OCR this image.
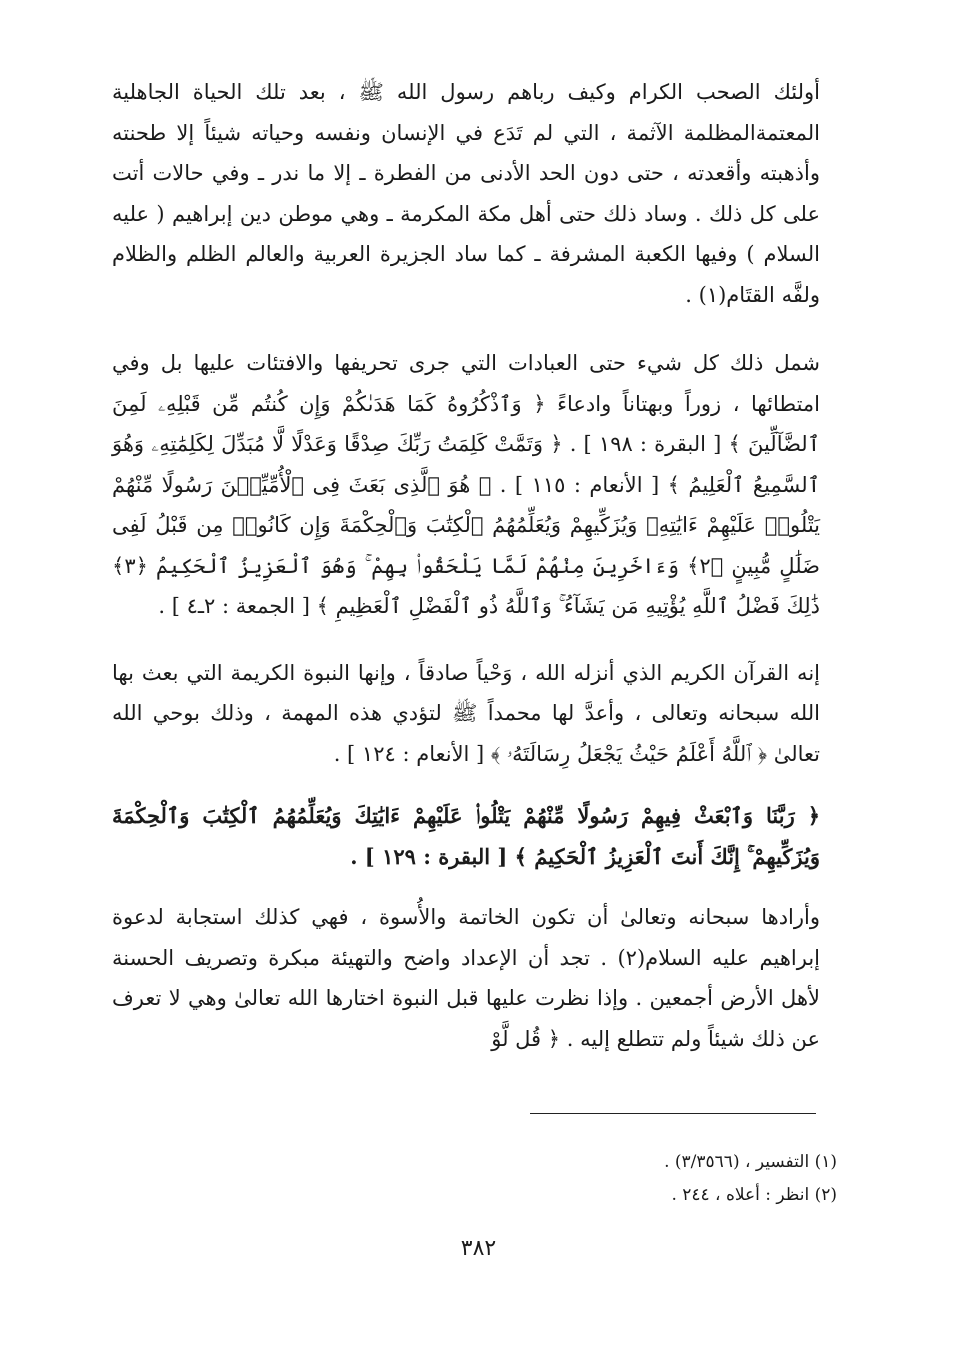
أولئك الصحب الكرام وكيف رباهم رسول الله ﷺ ، بعد تلك الحياة الجاهلية المعتمةالمظلمة الآثمة ، التي لم تَدَع في الإنسان ونفسه وحياته شيئاً إلا طحنته وأذهبته وأقعدته ، حتى دون الحد الأدنى من الفطرة ـ إلا ما ندر ـ وفي حالات أتت على كل ذلك . وساد ذلك حتى أهل مكة المكرمة ـ وهي موطن دين إبراهيم ( عليه السلام ) وفيها الكعبة المشرفة ـ كما ساد الجزيرة العربية والعالم الظلم والظلام ولفَّه القتَام(١) .

شمل ذلك كل شيء حتى العبادات التي جرى تحريفها والافتئات عليها بل وفي امتطائها ، زوراً وبهتاناً وادعاءً ﴿ وَٱذْكُرُوهُ كَمَا هَدَىٰكُمْ وَإِن كُنتُم مِّن قَبْلِهِۦ لَمِنَ ٱلضَّآلِّينَ ﴾ [ البقرة : ١٩٨ ] . ﴿ وَتَمَّتْ كَلِمَتُ رَبِّكَ صِدْقًا وَعَدْلًا لَّا مُبَدِّلَ لِكَلِمَٰتِهِۦ وَهُوَ ٱلسَّمِيعُ ٱلْعَلِيمُ ﴾ [ الأنعام : ١١٥ ] . ﴿ هُوَ ٱلَّذِى بَعَثَ فِى ٱلْأُمِّيِّـۧنَ رَسُولًا مِّنْهُمْ يَتْلُوا۟ عَلَيْهِمْ ءَايَٰتِهِۦ وَيُزَكِّيهِمْ وَيُعَلِّمُهُمُ ٱلْكِتَٰبَ وَٱلْحِكْمَةَ وَإِن كَانُوا۟ مِن قَبْلُ لَفِى ضَلَٰلٍ مُّبِينٍ ﴿٢﴾ وَءَاخَرِينَ مِنْهُمْ لَمَّا يَلْحَقُوا۟ بِهِمْ ۚ وَهُوَ ٱلْعَزِيزُ ٱلْحَكِيمُ ﴿٣﴾ ذَٰلِكَ فَضْلُ ٱللَّهِ يُؤْتِيهِ مَن يَشَآءُ ۚ وَٱللَّهُ ذُو ٱلْفَضْلِ ٱلْعَظِيمِ ﴾ [ الجمعة : ٢ـ٤ ] .

إنه القرآن الكريم الذي أنزله الله ، وَحْياً صادقاً ، وإنها النبوة الكريمة التي بعث بها الله سبحانه وتعالى ، وأعدَّ لها محمداً ﷺ لتؤدي هذه المهمة ، وذلك بوحي الله تعالىٰ ﴿ ٱللَّهُ أَعْلَمُ حَيْثُ يَجْعَلُ رِسَالَتَهُۥ ﴾ [ الأنعام : ١٢٤ ] .

﴿ رَبَّنَا وَٱبْعَثْ فِيهِمْ رَسُولًا مِّنْهُمْ يَتْلُوا۟ عَلَيْهِمْ ءَايَٰتِكَ وَيُعَلِّمُهُمُ ٱلْكِتَٰبَ وَٱلْحِكْمَةَ وَيُزَكِّيهِمْ ۚ إِنَّكَ أَنتَ ٱلْعَزِيزُ ٱلْحَكِيمُ ﴾ [ البقرة : ١٢٩ ] .

وأرادها سبحانه وتعالىٰ أن تكون الخاتمة والأُسوة ، فهي كذلك استجابة لدعوة إبراهيم عليه السلام(٢) . تجد أن الإعداد واضح والتهيئة مبكرة وتصريف الحسنة لأهل الأرض أجمعين . وإذا نظرت عليها قبل النبوة اختارها الله تعالىٰ وهي لا تعرف عن ذلك شيئاً ولم تتطلع إليه . ﴿ قُل لَّوْ

(١) التفسير ، (٣/٣٥٦٦) .
(٢) انظر : أعلاه ، ٢٤٤ .
٣٨٢
